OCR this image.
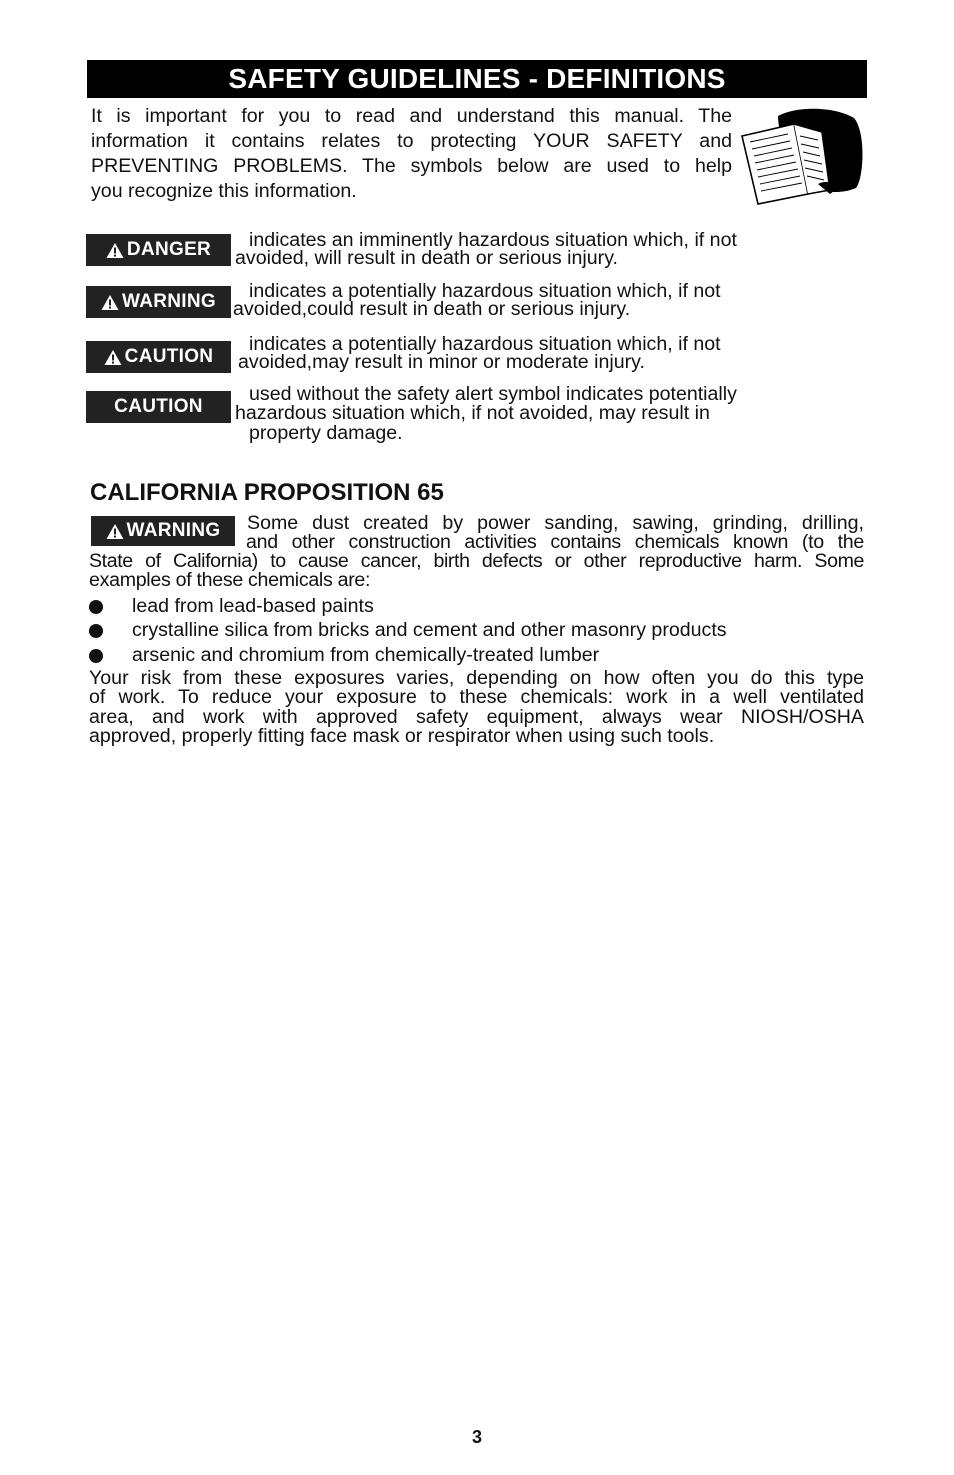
SAFETY GUIDELINES - DEFINITIONS
It is important for you to read and understand this manual. The
information it contains relates to protecting YOUR SAFETY and
PREVENTING PROBLEMS. The symbols below are used to help
you recognize this information.
DANGER indicates an imminently hazardous situation which, if not
avoided, will result in death or serious injury.
WARNING indicates a potentially hazardous situation which, if not
avoided,could result in death or serious injury.
CAUTION
indicates a potentially hazardous situation which, if not
avoided,may result in minor or moderate injury.
CAUTION
used without the safety alert symbol indicates potentially
hazardous situation which, if not avoided, may result in
property damage.
CALIFORNIA PROPOSITION 65
WARNING Some dust created by power sanding, sawing, grinding, drilling,
and other construction activities contains chemicals known (to the
State of California) to cause cancer, birth defects or other reproductive harm. Some
examples of these chemicals are:
lead from lead-based paints
crystalline silica from bricks and cement and other masonry products
arsenic and chromium from chemically-treated lumber
Your risk from these exposures varies, depending on how often you do this type
of work. To reduce your exposure to these chemicals: work in a well ventilated
area, and work with approved safety equipment, always wear NIOSH/OSHA
approved, properly fitting face mask or respirator when using such tools.
3
